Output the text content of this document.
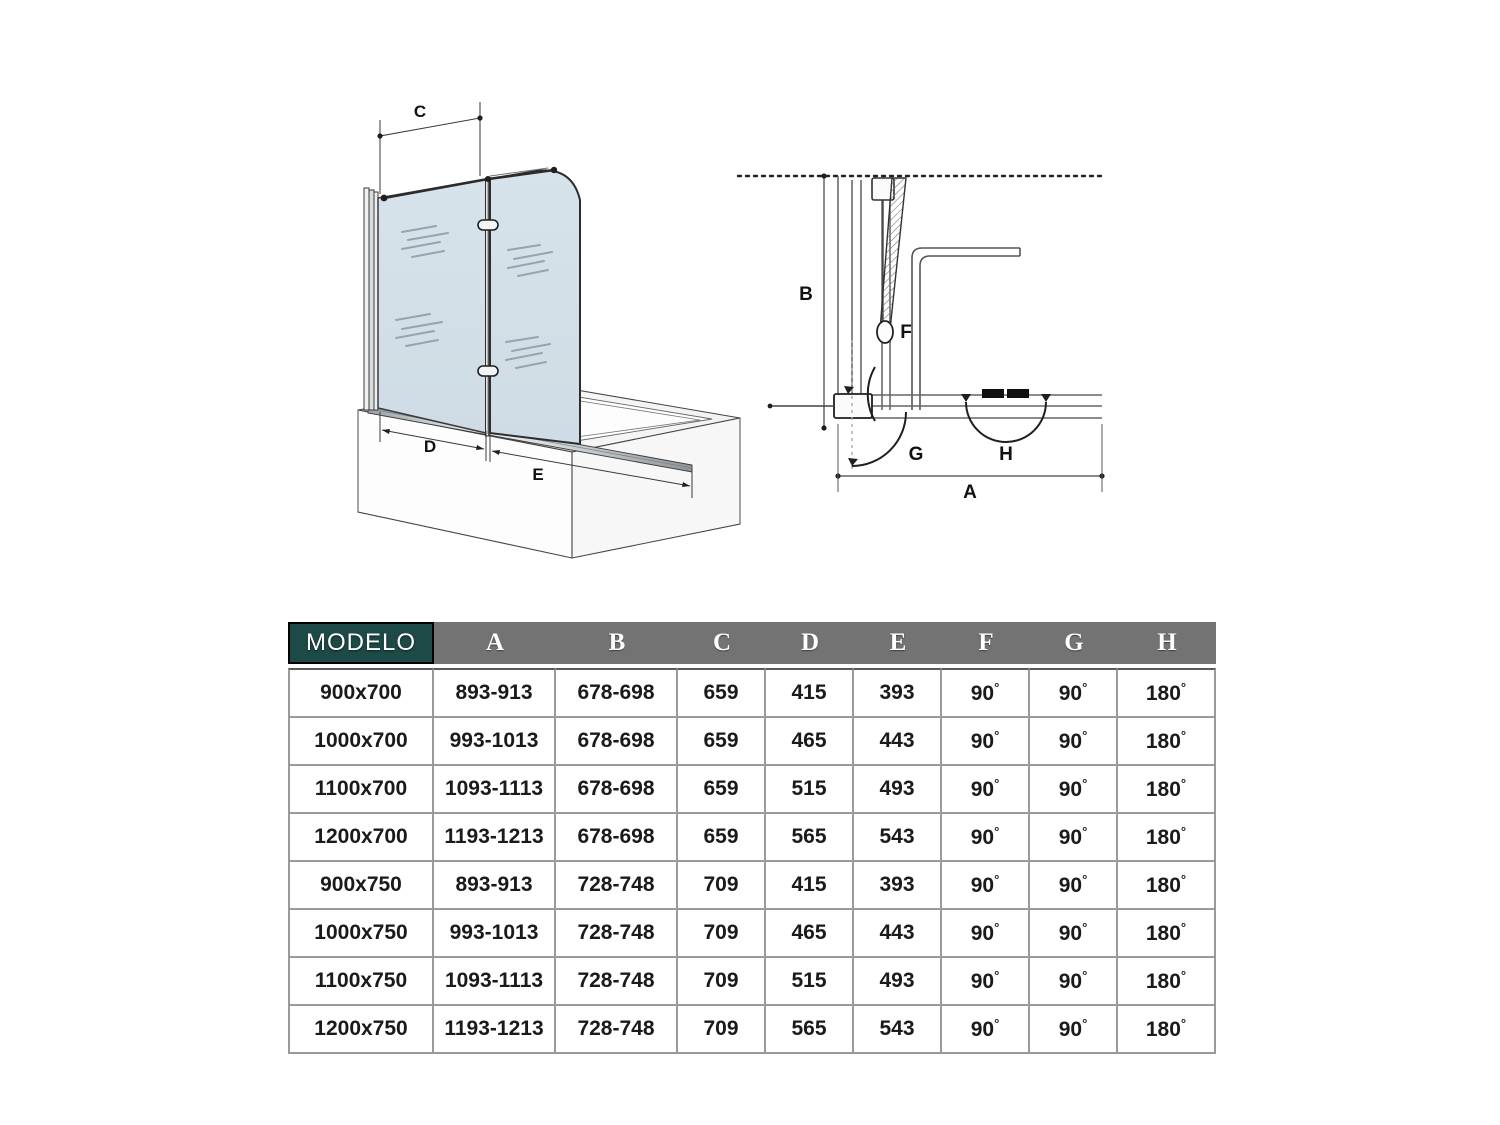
C
D
E
B
F
G	H
A
MODELO	A	B	C	D	E	F	G	H

900x700	893-913	678-698	659	415	393	90°	90°	180°
1000x700	993-1013	678-698	659	465	443	90°	90°	180°
1100x700	1093-1113	678-698	659	515	493	90°	90°	180°
1200x700	1193-1213	678-698	659	565	543	90°	90°	180°
900x750	893-913	728-748	709	415	393	90°	90°	180°
1000x750	993-1013	728-748	709	465	443	90°	90°	180°
1100x750	1093-1113	728-748	709	515	493	90°	90°	180°
1200x750	1193-1213	728-748	709	565	543	90°	90°	180°
